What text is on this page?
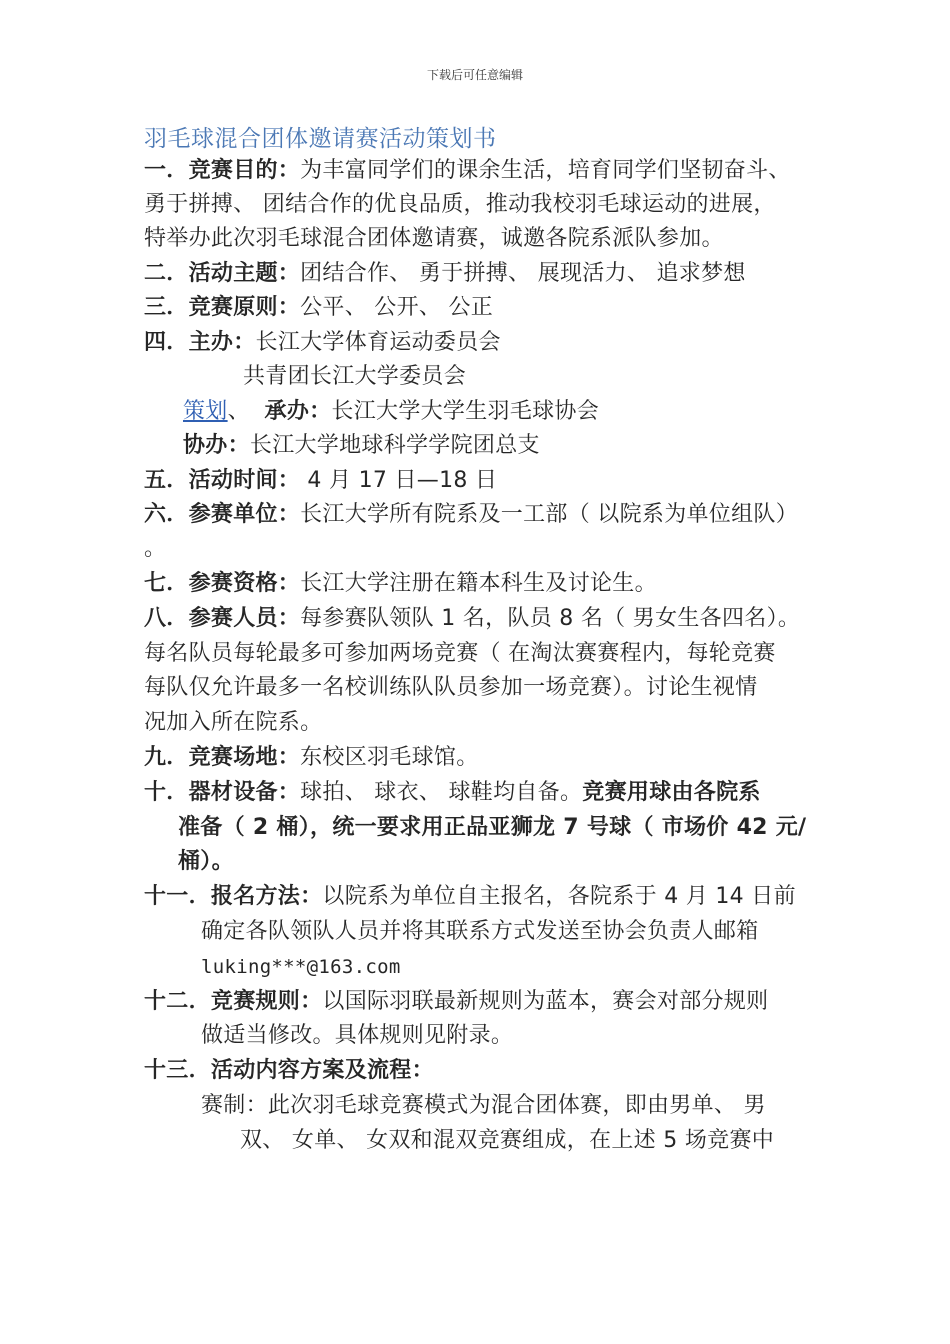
下载后可任意编辑
羽毛球混合团体邀请赛活动策划书
一．竞赛目的：为丰富同学们的课余生活，培育同学们坚韧奋斗、
勇于拼搏、 团结合作的优良品质，推动我校羽毛球运动的进展，
特举办此次羽毛球混合团体邀请赛，诚邀各院系派队参加。
二．活动主题：团结合作、 勇于拼搏、 展现活力、 追求梦想
三．竞赛原则：公平、 公开、 公正
四．主办：长江大学体育运动委员会
共青团长江大学委员会
策划、 承办：长江大学大学生羽毛球协会
协办：长江大学地球科学学院团总支
五．活动时间： 4 月 17 日—18 日
六．参赛单位：长江大学所有院系及一工部（ 以院系为单位组队）
。
七．参赛资格：长江大学注册在籍本科生及讨论生。
八．参赛人员：每参赛队领队 1 名，队员 8 名（ 男女生各四名）。
每名队员每轮最多可参加两场竞赛（ 在淘汰赛赛程内，每轮竞赛
每队仅允许最多一名校训练队队员参加一场竞赛）。讨论生视情
况加入所在院系。
九．竞赛场地：东校区羽毛球馆。
十．器材设备：球拍、 球衣、 球鞋均自备。竞赛用球由各院系
准备（ 2 桶），统一要求用正品亚狮龙 7 号球（ 市场价 42 元/
桶）。
十一．报名方法：以院系为单位自主报名，各院系于 4 月 14 日前
确定各队领队人员并将其联系方式发送至协会负责人邮箱
luking***@163.com
十二．竞赛规则：以国际羽联最新规则为蓝本，赛会对部分规则
做适当修改。具体规则见附录。
十三．活动内容方案及流程：
赛制：此次羽毛球竞赛模式为混合团体赛，即由男单、 男
双、 女单、 女双和混双竞赛组成，在上述 5 场竞赛中
